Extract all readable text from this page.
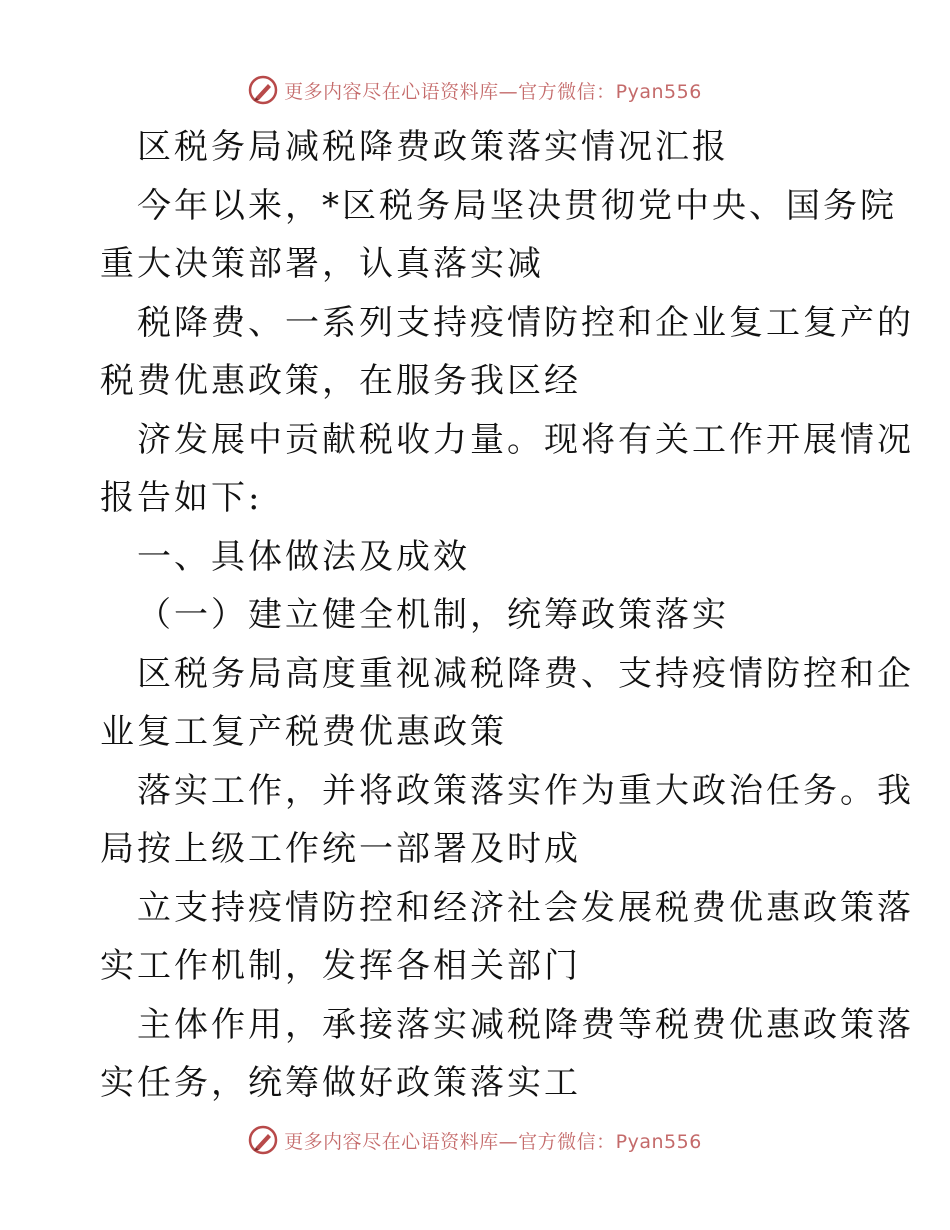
更多内容尽在心语资料库—官方微信：Pyan556
区税务局减税降费政策落实情况汇报
今年以来，*区税务局坚决贯彻党中央、国务院
重大决策部署，认真落实减
税降费、一系列支持疫情防控和企业复工复产的
税费优惠政策，在服务我区经
济发展中贡献税收力量。现将有关工作开展情况
报告如下:
一、具体做法及成效
（一）建立健全机制，统筹政策落实
区税务局高度重视减税降费、支持疫情防控和企
业复工复产税费优惠政策
落实工作，并将政策落实作为重大政治任务。我
局按上级工作统一部署及时成
立支持疫情防控和经济社会发展税费优惠政策落
实工作机制，发挥各相关部门
主体作用，承接落实减税降费等税费优惠政策落
实任务，统筹做好政策落实工
更多内容尽在心语资料库—官方微信：Pyan556
